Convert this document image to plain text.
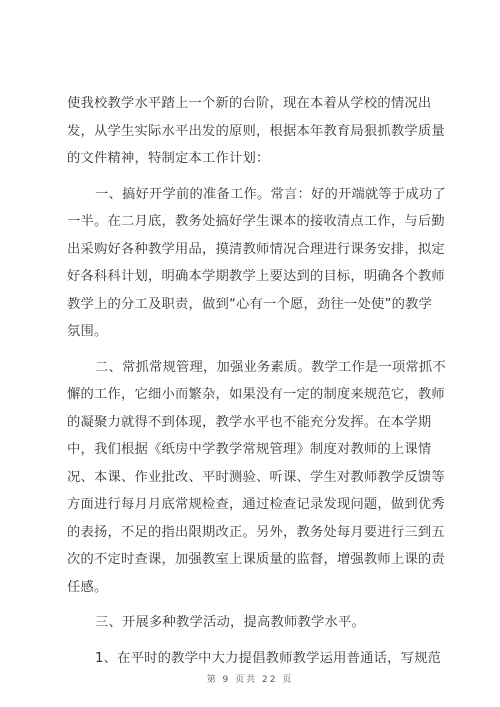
使我校教学水平踏上一个新的台阶，现在本着从学校的情况出
发，从学生实际水平出发的原则，根据本年教育局狠抓教学质量
的文件精神，特制定本工作计划：
一、搞好开学前的准备工作。常言：好的开端就等于成功了
一半。在二月底，教务处搞好学生课本的接收清点工作，与后勤
出采购好各种教学用品，摸清教师情况合理进行课务安排，拟定
好各科科计划，明确本学期教学上要达到的目标，明确各个教师
教学上的分工及职责，做到“心有一个愿，劲往一处使”的教学
氛围。
二、常抓常规管理，加强业务素质。教学工作是一项常抓不
懈的工作，它细小而繁杂，如果没有一定的制度来规范它，教师
的凝聚力就得不到体现，教学水平也不能充分发挥。在本学期
中，我们根据《纸房中学教学常规管理》制度对教师的上课情
况、本课、作业批改、平时测验、听课、学生对教师教学反馈等
方面进行每月月底常规检查，通过检查记录发现问题，做到优秀
的表扬，不足的指出限期改正。另外，教务处每月要进行三到五
次的不定时查课，加强教室上课质量的监督，增强教师上课的责
任感。
三、开展多种教学活动，提高教师教学水平。
1、在平时的教学中大力提倡教师教学运用普通话，写规范
第 9 页共 22 页
